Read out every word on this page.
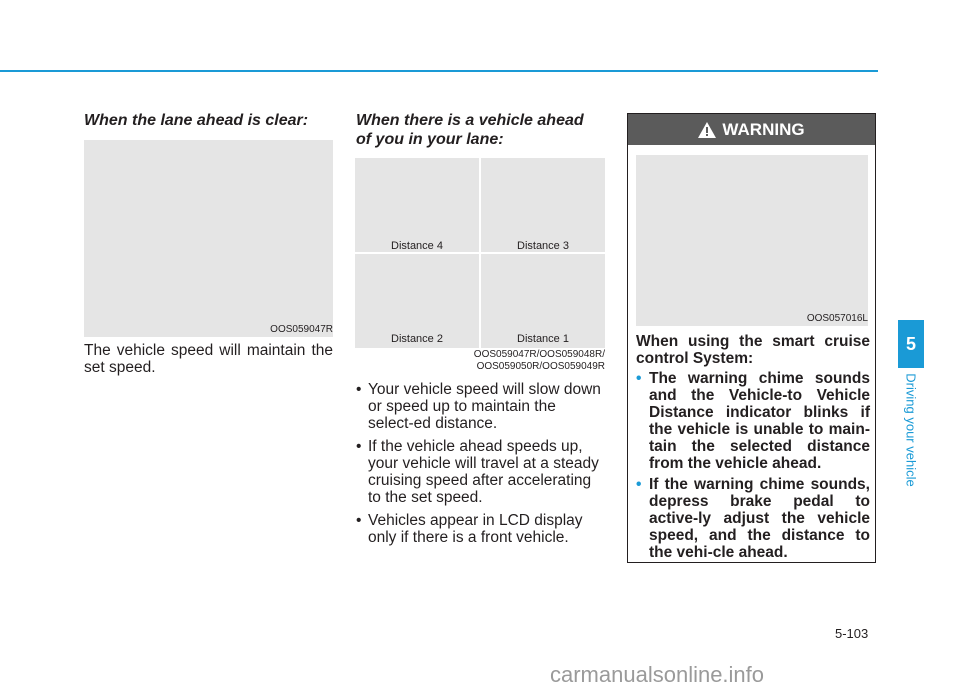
When the lane ahead is clear:
OOS059047R

The vehicle speed will maintain the set speed.

When there is a vehicle ahead
of you in your lane:
Distance 4	Distance 3
Distance 2	Distance 1
OOS059047R/OOS059048R/
OOS059050R/OOS059049R
• Your vehicle speed will slow down or speed up to maintain the select-ed distance.
• If the vehicle ahead speeds up, your vehicle will travel at a steady cruising speed after accelerating to the set speed.
• Vehicles appear in LCD display only if there is a front vehicle.
WARNING
OOS057016L

When using the smart cruise control System:

• The warning chime sounds and the Vehicle-to Vehicle Distance indicator blinks if the vehicle is unable to main-tain the selected distance from the vehicle ahead.
• If the warning chime sounds, depress brake pedal to active-ly adjust the vehicle speed, and the distance to the vehi-cle ahead.
5
Driving your vehicle
5-103
carmanualsonline.info
